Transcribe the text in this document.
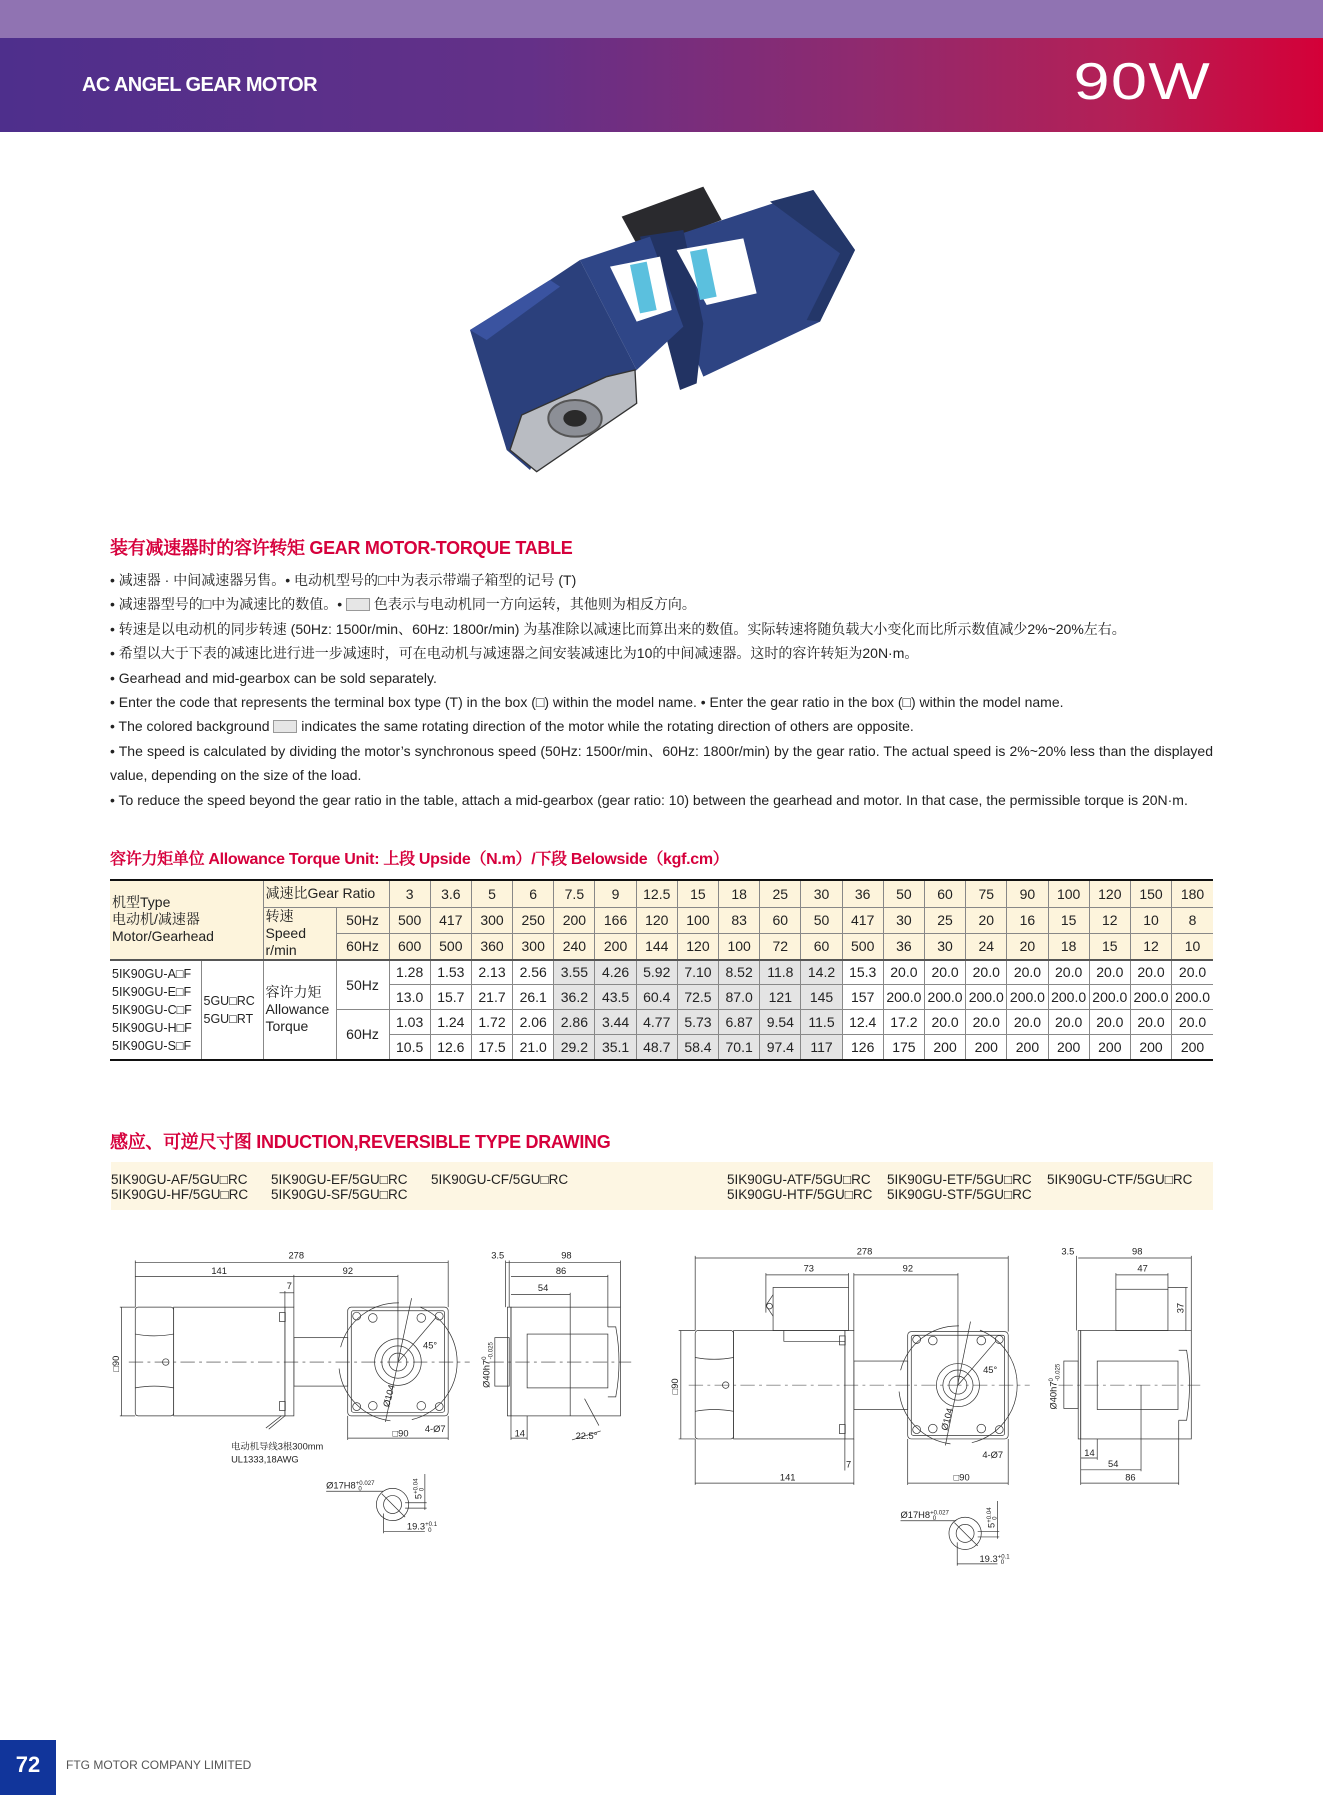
AC ANGEL GEAR MOTOR	90W
装有减速器时的容许转矩 GEAR MOTOR-TORQUE TABLE
• 减速器 · 中间减速器另售。• 电动机型号的□中为表示带端子箱型的记号 (T)
• 减速器型号的□中为减速比的数值。•  色表示与电动机同一方向运转，其他则为相反方向。
• 转速是以电动机的同步转速 (50Hz: 1500r/min、60Hz: 1800r/min) 为基准除以减速比而算出来的数值。实际转速将随负载大小变化而比所示数值减少2%~20%左右。
• 希望以大于下表的减速比进行进一步减速时，可在电动机与减速器之间安装减速比为10的中间减速器。这时的容许转矩为20N·m。
• Gearhead and mid-gearbox can be sold separately.
• Enter the code that represents the terminal box type (T) in the box (□) within the model name. • Enter the gear ratio in the box (□) within the model name.
• The colored background  indicates the same rotating direction of the motor while the rotating direction of others are opposite.
• The speed is calculated by dividing the motor’s synchronous speed (50Hz: 1500r/min、60Hz: 1800r/min) by the gear ratio. The actual speed is 2%~20% less than the displayed value, depending on the size of the load.
• To reduce the speed beyond the gear ratio in the table, attach a mid-gearbox (gear ratio: 10) between the gearhead and motor. In that case, the permissible torque is 20N·m.
容许力矩单位 Allowance Torque Unit: 上段 Upside（N.m）/下段 Belowside（kgf.cm）
机型Type
电动机/减速器
Motor/Gearhead		减速比Gear Ratio		3	3.6	5	6	7.5	9	12.5	15	18	25	30	36	50	60	75	90	100	120	150	180
		转速Speed
r/min	50Hz	500	417	300	250	200	166	120	100	83	60	50	417	30	25	20	16	15	12	10	8
			60Hz	600	500	360	300	240	200	144	120	100	72	60	500	36	30	24	20	18	15	12	10
5IK90GU-A□F
5IK90GU-E□F
5IK90GU-C□F
5IK90GU-H□F
5IK90GU-S□F	5GU□RC
5GU□RT	容许力矩
Allowance
Torque	50Hz	1.28	1.53	2.13	2.56	3.55	4.26	5.92	7.10	8.52	11.8	14.2	15.3	20.0	20.0	20.0	20.0	20.0	20.0	20.0	20.0
				13.0	15.7	21.7	26.1	36.2	43.5	60.4	72.5	87.0	121	145	157	200.0	200.0	200.0	200.0	200.0	200.0	200.0	200.0
			60Hz	1.03	1.24	1.72	2.06	2.86	3.44	4.77	5.73	6.87	9.54	11.5	12.4	17.2	20.0	20.0	20.0	20.0	20.0	20.0	20.0
				10.5	12.6	17.5	21.0	29.2	35.1	48.7	58.4	70.1	97.4	117	126	175	200	200	200	200	200	200	200
感应、可逆尺寸图 INDUCTION,REVERSIBLE TYPE DRAWING
5IK90GU-AF/5GU□RC 5IK90GU-EF/5GU□RC 5IK90GU-CF/5GU□RC
5IK90GU-HF/5GU□RC 5IK90GU-SF/5GU□RC
5IK90GU-ATF/5GU□RC 5IK90GU-ETF/5GU□RC 5IK90GU-CTF/5GU□RC
5IK90GU-HTF/5GU□RC 5IK90GU-STF/5GU□RC
278
141	92
7
□90
45°
Ø104
□90 4-Ø7
3.5 98
86
54
$Ø40h7^0-0.025$
14 22.5°
电动机导线3根300mm
UL1333,18AWG
$Ø17H8^{+0.027}$ 0
$5^{+0.04}0$
$19.3^{+0.1}$ 0
278
73	92
7
141
□90
45°
Ø104
□90
4-Ø7
3.5 98
47
37
$Ø40h7^0-0.025$
14
54
86
$Ø17H8^{+0.027}$ 0
$5^{+0.04}0$
$19.3^{+0.1}$ 0
72	FTG MOTOR COMPANY LIMITED
